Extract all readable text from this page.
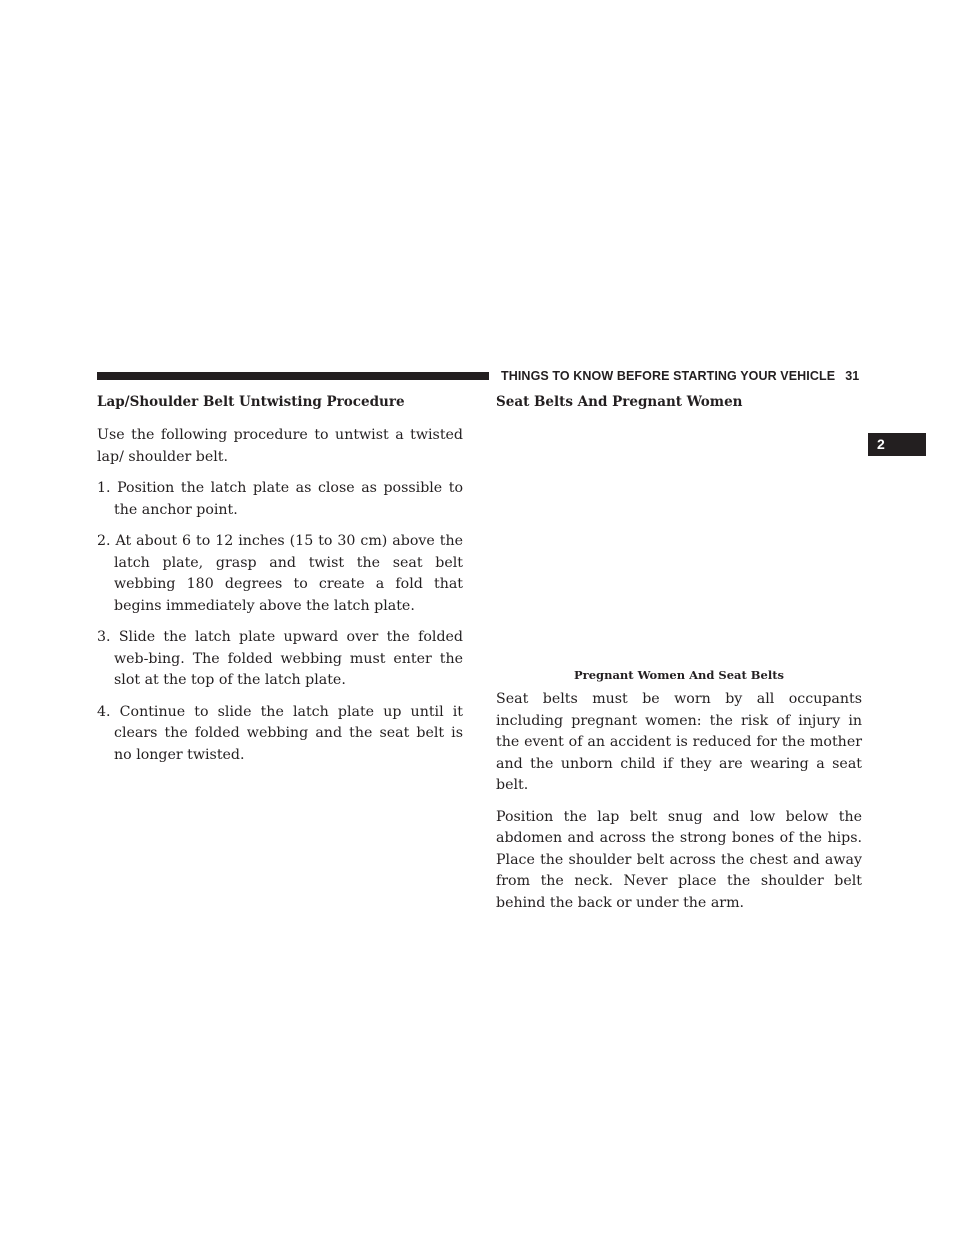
THINGS TO KNOW BEFORE STARTING YOUR VEHICLE 31
2
Lap/Shoulder Belt Untwisting Procedure

Use the following procedure to untwist a twisted lap/ shoulder belt.

1. Position the latch plate as close as possible to the anchor point.
2. At about 6 to 12 inches (15 to 30 cm) above the latch plate, grasp and twist the seat belt webbing 180 degrees to create a fold that begins immediately above the latch plate.
3. Slide the latch plate upward over the folded web-bing. The folded webbing must enter the slot at the top of the latch plate.
4. Continue to slide the latch plate up until it clears the folded webbing and the seat belt is no longer twisted.
Seat Belts And Pregnant Women
Pregnant Women And Seat Belts

Seat belts must be worn by all occupants including pregnant women: the risk of injury in the event of an accident is reduced for the mother and the unborn child if they are wearing a seat belt.

Position the lap belt snug and low below the abdomen and across the strong bones of the hips. Place the shoulder belt across the chest and away from the neck. Never place the shoulder belt behind the back or under the arm.
